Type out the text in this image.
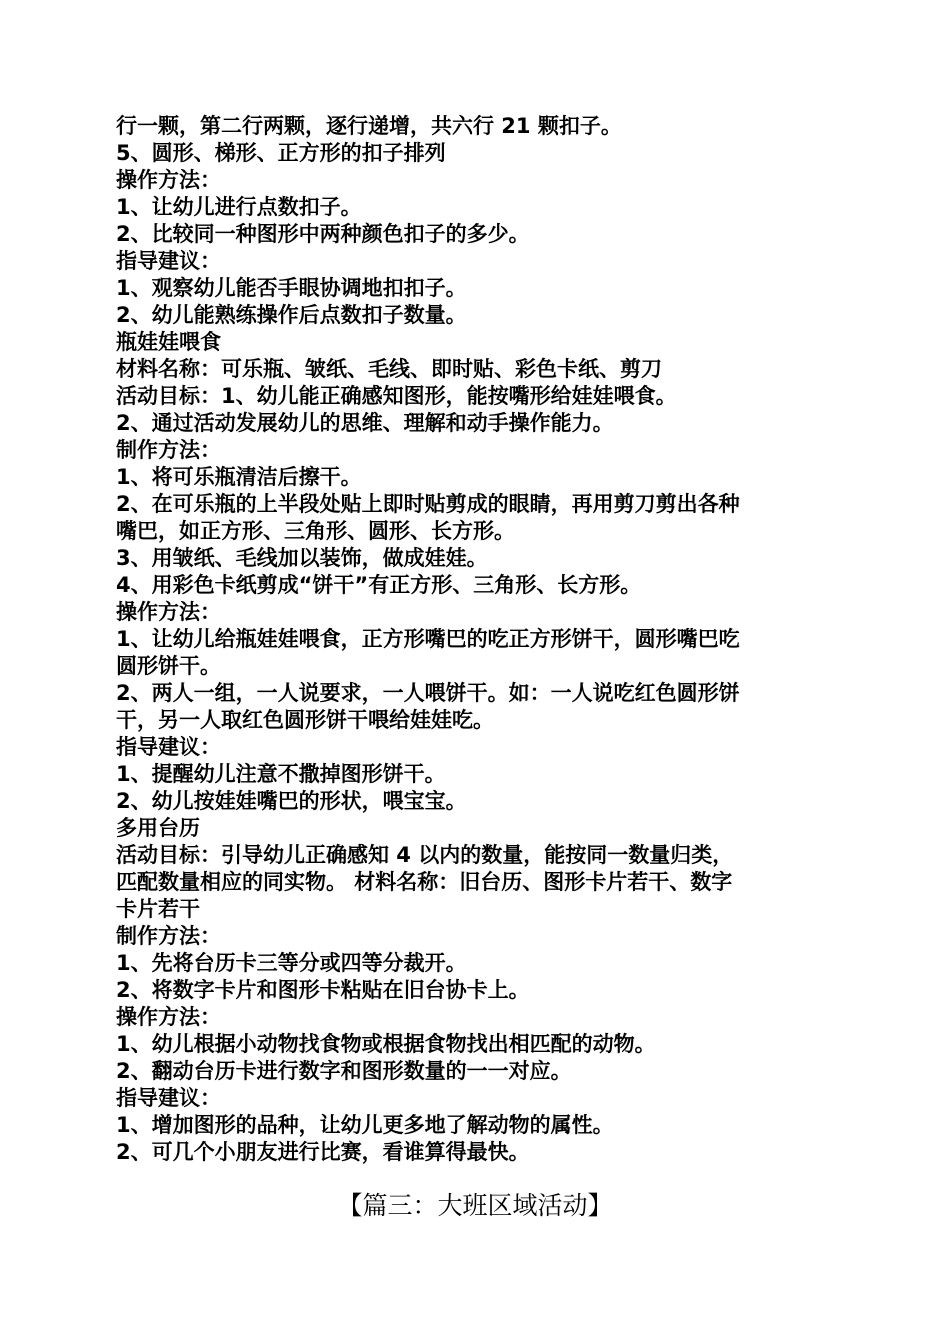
行一颗，第二行两颗，逐行递增，共六行 21 颗扣子。
5、圆形、梯形、正方形的扣子排列
操作方法：
1、让幼儿进行点数扣子。
2、比较同一种图形中两种颜色扣子的多少。
指导建议：
1、观察幼儿能否手眼协调地扣扣子。
2、幼儿能熟练操作后点数扣子数量。
瓶娃娃喂食
材料名称：可乐瓶、皱纸、毛线、即时贴、彩色卡纸、剪刀
活动目标：1、幼儿能正确感知图形，能按嘴形给娃娃喂食。
2、通过活动发展幼儿的思维、理解和动手操作能力。
制作方法：
1、将可乐瓶清洁后擦干。
2、在可乐瓶的上半段处贴上即时贴剪成的眼睛，再用剪刀剪出各种
嘴巴，如正方形、三角形、圆形、长方形。
3、用皱纸、毛线加以装饰，做成娃娃。
4、用彩色卡纸剪成“饼干”有正方形、三角形、长方形。
操作方法：
1、让幼儿给瓶娃娃喂食，正方形嘴巴的吃正方形饼干，圆形嘴巴吃
圆形饼干。
2、两人一组，一人说要求，一人喂饼干。如：一人说吃红色圆形饼
干，另一人取红色圆形饼干喂给娃娃吃。
指导建议：
1、提醒幼儿注意不撒掉图形饼干。
2、幼儿按娃娃嘴巴的形状，喂宝宝。
多用台历
活动目标：引导幼儿正确感知 4 以内的数量，能按同一数量归类，
匹配数量相应的同实物。 材料名称：旧台历、图形卡片若干、数字
卡片若干
制作方法：
1、先将台历卡三等分或四等分裁开。
2、将数字卡片和图形卡粘贴在旧台协卡上。
操作方法：
1、幼儿根据小动物找食物或根据食物找出相匹配的动物。
2、翻动台历卡进行数字和图形数量的一一对应。
指导建议：
1、增加图形的品种，让幼儿更多地了解动物的属性。
2、可几个小朋友进行比赛，看谁算得最快。
【篇三：大班区域活动】
